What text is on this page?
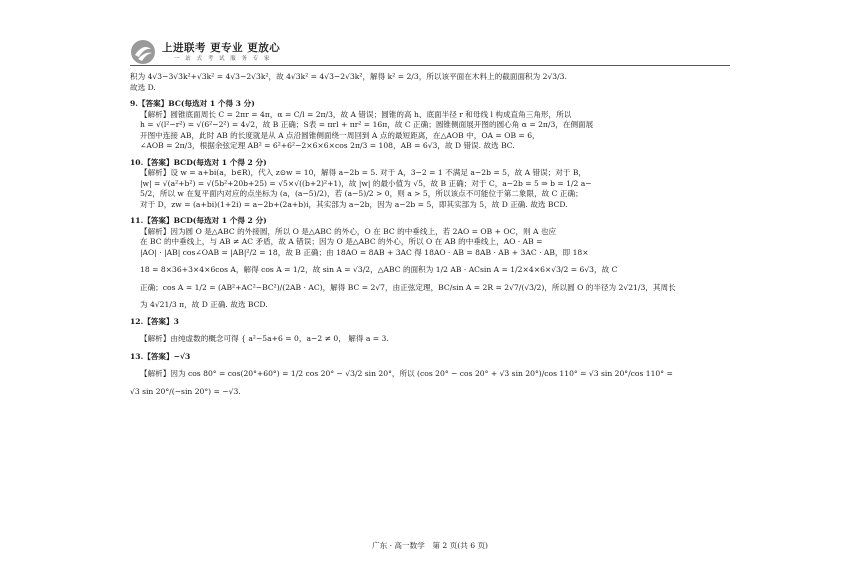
上进联考 更专业 更放心
一 站 式 考 试 服 务 专 家

积为 4√3−3√3k²+√3k² = 4√3−2√3k²，故 4√3k² = 4√3−2√3k²，解得 k² = 2/3，所以该平面在木料上的截面面积为 2√3/3.

故选 D.

9.【答案】BC(每选对 1 个得 3 分)

【解析】圆锥底面周长 C = 2πr = 4π，α = C/l = 2π/3，故 A 错误；圆锥的高 h、底面半径 r 和母线 l 构成直角三角形，所以

h = √(l²−r²) = √(6²−2²) = 4√2，故 B 正确；S表 = πrl + πr² = 16π，故 C 正确；圆锥侧面展开图的圆心角 α = 2π/3，在侧面展

开图中连接 AB，此时 AB 的长度就是从 A 点沿圆锥侧面绕一周回到 A 点的最短距离，在△AOB 中，OA = OB = 6，

∠AOB = 2π/3，根据余弦定理 AB² = 6²+6²−2×6×6×cos 2π/3 = 108，AB = 6√3，故 D 错误. 故选 BC.

10.【答案】BCD(每选对 1 个得 2 分)

【解析】设 w = a+bi(a，b∈R)，代入 z⊙w = 10，解得 a−2b = 5. 对于 A，3−2 = 1 不满足 a−2b = 5，故 A 错误；对于 B，

|w| = √(a²+b²) = √(5b²+20b+25) = √5×√((b+2)²+1)，故 |w| 的最小值为 √5，故 B 正确；对于 C，a−2b = 5 ⇒ b = 1/2 a−

5/2，所以 w 在复平面内对应的点坐标为 (a，(a−5)/2)，若 (a−5)/2 > 0，则 a > 5，所以该点不可能位于第二象限，故 C 正确；

对于 D，zw = (a+bi)(1+2i) = a−2b+(2a+b)i，其实部为 a−2b，因为 a−2b = 5，即其实部为 5，故 D 正确. 故选 BCD.

11.【答案】BCD(每选对 1 个得 2 分)

【解析】因为圆 O 是△ABC 的外接圆，所以 O 是△ABC 的外心，O 在 BC 的中垂线上，若 2AO = OB + OC，则 A 也应

在 BC 的中垂线上，与 AB ≠ AC 矛盾，故 A 错误；因为 O 是△ABC 的外心，所以 O 在 AB 的中垂线上，AO · AB =

|AO| · |AB| cos∠OAB = |AB|²/2 = 18，故 B 正确；由 18AO = 8AB + 3AC 得 18AO · AB = 8AB · AB + 3AC · AB，即 18×

18 = 8×36+3×4×6cos A，解得 cos A = 1/2，故 sin A = √3/2，△ABC 的面积为 1/2 AB · ACsin A = 1/2×4×6×√3/2 = 6√3，故 C

正确；cos A = 1/2 = (AB²+AC²−BC²)/(2AB · AC)，解得 BC = 2√7，由正弦定理，BC/sin A = 2R = 2√7/(√3/2)，所以圆 O 的半径为 2√21/3，其周长

为 4√21/3 π，故 D 正确. 故选 BCD.

12.【答案】3

【解析】由纯虚数的概念可得 { a²−5a+6 = 0，a−2 ≠ 0， 解得 a = 3.

13.【答案】−√3

【解析】因为 cos 80° = cos(20°+60°) = 1/2 cos 20° − √3/2 sin 20°，所以 (cos 20° − cos 20° + √3 sin 20°)/cos 110° = √3 sin 20°/cos 110° =

√3 sin 20°/(−sin 20°) = −√3.

广东 · 高一数学　第 2 页(共 6 页)
